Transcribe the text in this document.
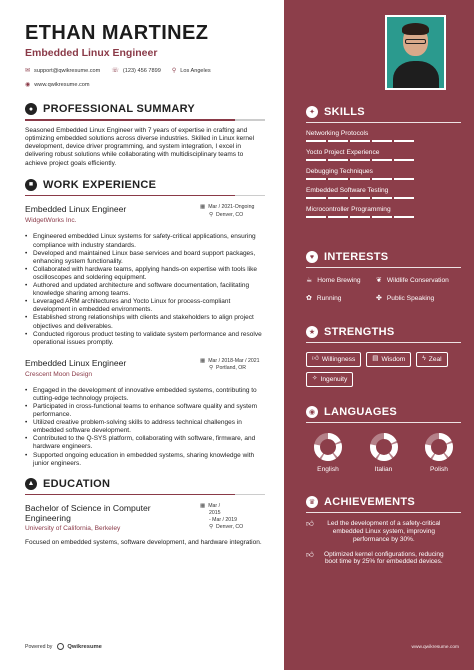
ETHAN MARTINEZ
Embedded Linux Engineer
✉ support@qwikresume.com ☏ (123) 456 7899 ⚲ Los Angeles
◉ www.qwikresume.com
● PROFESSIONAL SUMMARY
Seasoned Embedded Linux Engineer with 7 years of expertise in crafting and optimizing embedded solutions across diverse industries. Skilled in Linux kernel development, device driver programming, and system integration, I excel in delivering robust solutions while collaborating with multidisciplinary teams to achieve project goals efficiently.
■ WORK EXPERIENCE
Embedded Linux Engineer
WidgetWorks Inc.
▦ Mar / 2021-Ongoing
⚲ Denver, CO
• Engineered embedded Linux systems for safety-critical applications, ensuring compliance with industry standards.
• Developed and maintained Linux base services and board support packages, enhancing system functionality.
• Collaborated with hardware teams, applying hands-on expertise with tools like oscilloscopes and soldering equipment.
• Authored and updated architecture and software documentation, facilitating knowledge sharing among teams.
• Leveraged ARM architectures and Yocto Linux for process-compliant development in embedded environments.
• Established strong relationships with clients and stakeholders to align project objectives and deliverables.
• Conducted rigorous product testing to validate system performance and resolve operational issues promptly.
Embedded Linux Engineer
Crescent Moon Design
▦ Mar / 2018-Mar / 2021
⚲ Portland, OR
• Engaged in the development of innovative embedded systems, contributing to cutting-edge technology projects.
• Participated in cross-functional teams to enhance software quality and system performance.
• Utilized creative problem-solving skills to address technical challenges in embedded software development.
• Contributed to the Q-SYS platform, collaborating with software, firmware, and hardware engineers.
• Supported ongoing education in embedded systems, sharing knowledge with junior engineers.
▲ EDUCATION
Bachelor of Science in Computer
Engineering
University of California, Berkeley
▦ Mar /
2015
- Mar / 2019
⚲ Denver, CO
Focused on embedded systems, software development, and hardware integration.
Powered by	Qwikresume
✦ SKILLS
Networking Protocols
Yocto Project Experience
Debugging Techniques
Embedded Software Testing
Microcontroller Programming
♥ INTERESTS
☕ Home Brewing ❦ Wildlife Conservation
✿ Running	✤ Public Speaking
★ STRENGTHS
👍︎ Willingness	▤ Wisdom	ϟ Zeal
✧ Ingenuity
◉ LANGUAGES
English	Italian	Polish
♛ ACHIEVEMENTS
👍︎	Led the development of a safety-critical embedded Linux system, improving performance by 30%.
👍︎	Optimized kernel configurations, reducing boot time by 25% for embedded devices.
www.qwikresume.com
